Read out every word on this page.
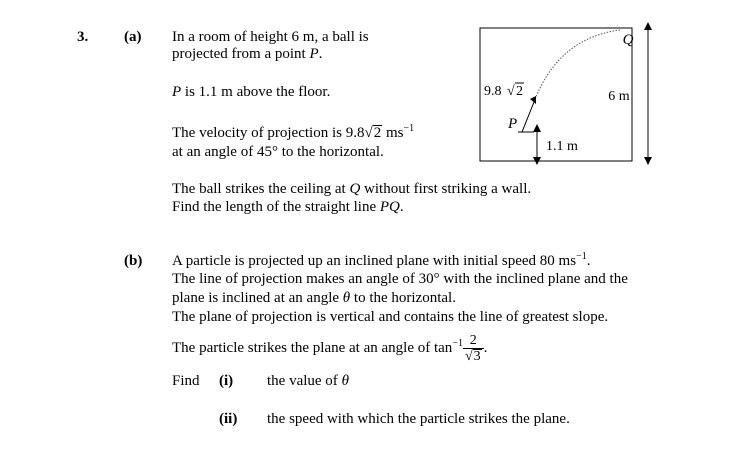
3. (a) In a room of height 6 m, a ball is
projected from a point P.
P is 1.1 m above the floor.
The velocity of projection is 9.8√2 $ms^{-1}$
at an angle of 45° to the horizontal.
The ball strikes the ceiling at Q without first striking a wall.
Find the length of the straight line PQ.
Q
P
6 m
1.1 m
9.8 √ 2
(b) A particle is projected up an inclined plane with initial speed 80 $ms^{-1}$.
The line of projection makes an angle of 30° with the inclined plane and the
plane is inclined at an angle θ to the horizontal.
The plane of projection is vertical and contains the line of greatest slope.
The particle strikes the plane at an angle of $\tan^{-1} \frac{2}{√3}$ .
Find (i) the value of θ
(ii) the speed with which the particle strikes the plane.
